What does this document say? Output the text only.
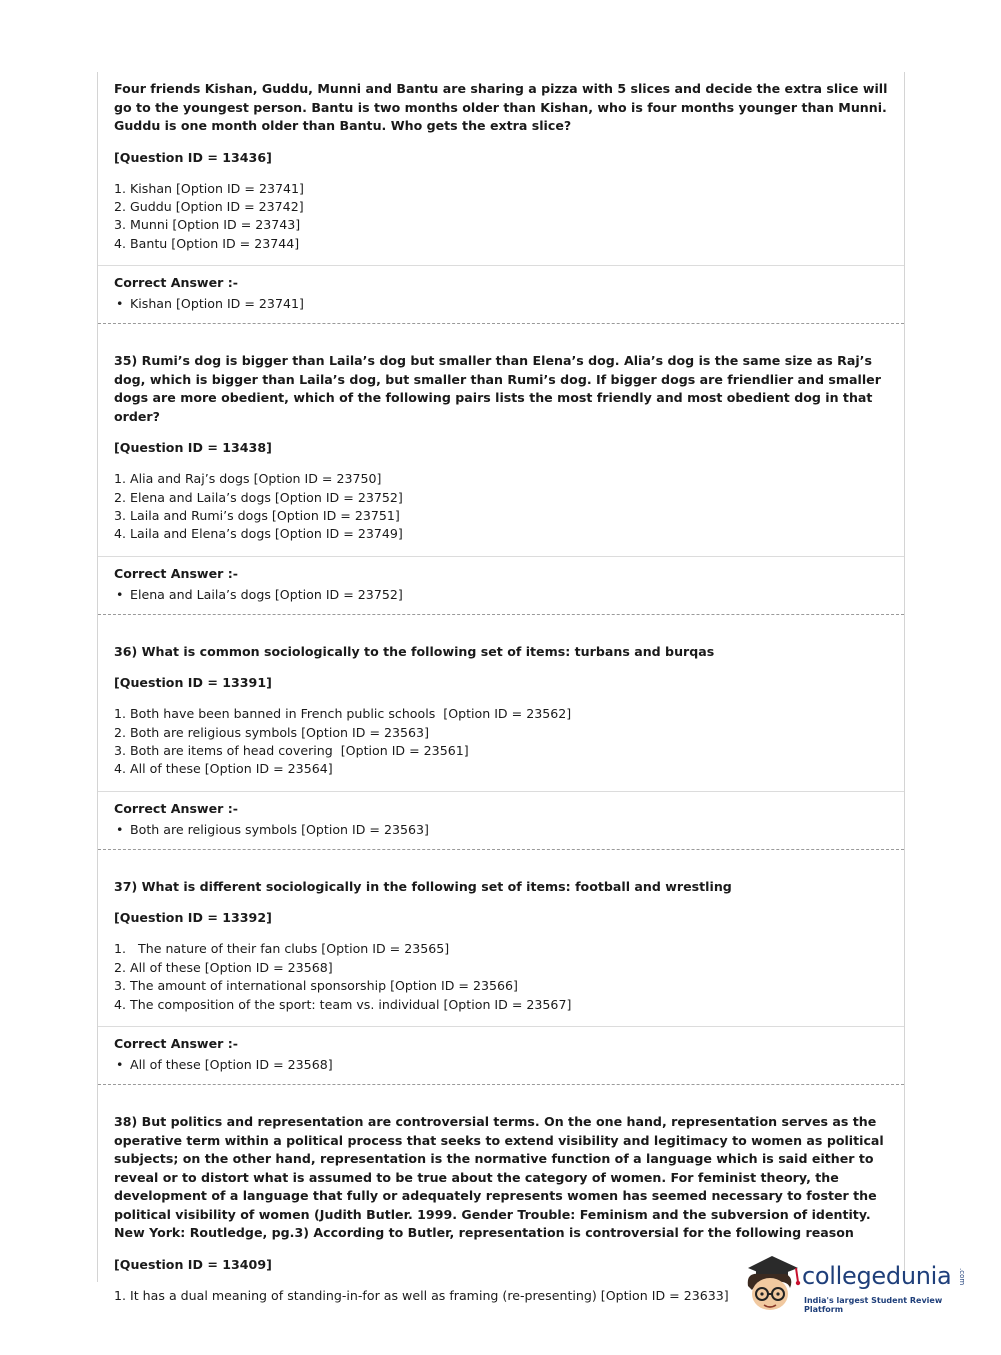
Four friends Kishan, Guddu, Munni and Bantu are sharing a pizza with 5 slices and decide the extra slice will go to the youngest person. Bantu is two months older than Kishan, who is four months younger than Munni. Guddu is one month older than Bantu. Who gets the extra slice?

[Question ID = 13436]

1. Kishan [Option ID = 23741]
2. Guddu [Option ID = 23742]
3. Munni [Option ID = 23743]
4. Bantu [Option ID = 23744]
Correct Answer :-
• Kishan [Option ID = 23741]

35) Rumi’s dog is bigger than Laila’s dog but smaller than Elena’s dog. Alia’s dog is the same size as Raj’s dog, which is bigger than Laila’s dog, but smaller than Rumi’s dog. If bigger dogs are friendlier and smaller dogs are more obedient, which of the following pairs lists the most friendly and most obedient dog in that order?

[Question ID = 13438]

1. Alia and Raj’s dogs [Option ID = 23750]
2. Elena and Laila’s dogs [Option ID = 23752]
3. Laila and Rumi’s dogs [Option ID = 23751]
4. Laila and Elena’s dogs [Option ID = 23749]
Correct Answer :-
• Elena and Laila’s dogs [Option ID = 23752]

36) What is common sociologically to the following set of items: turbans and burqas

[Question ID = 13391]

1. Both have been banned in French public schools  [Option ID = 23562]
2. Both are religious symbols [Option ID = 23563]
3. Both are items of head covering  [Option ID = 23561]
4. All of these [Option ID = 23564]
Correct Answer :-
• Both are religious symbols [Option ID = 23563]

37) What is different sociologically in the following set of items: football and wrestling

[Question ID = 13392]

1.   The nature of their fan clubs [Option ID = 23565]
2. All of these [Option ID = 23568]
3. The amount of international sponsorship [Option ID = 23566]
4. The composition of the sport: team vs. individual [Option ID = 23567]
Correct Answer :-
• All of these [Option ID = 23568]

38) But politics and representation are controversial terms. On the one hand, representation serves as the operative term within a political process that seeks to extend visibility and legitimacy to women as political subjects; on the other hand, representation is the normative function of a language which is said either to reveal or to distort what is assumed to be true about the category of women. For feminist theory, the development of a language that fully or adequately represents women has seemed necessary to foster the political visibility of women (Judith Butler. 1999. Gender Trouble: Feminism and the subversion of identity. New York: Routledge, pg.3) According to Butler, representation is controversial for the following reason

[Question ID = 13409]

1. It has a dual meaning of standing-in-for as well as framing (re-presenting) [Option ID = 23633]
collegedunia .com
India's largest Student Review Platform
